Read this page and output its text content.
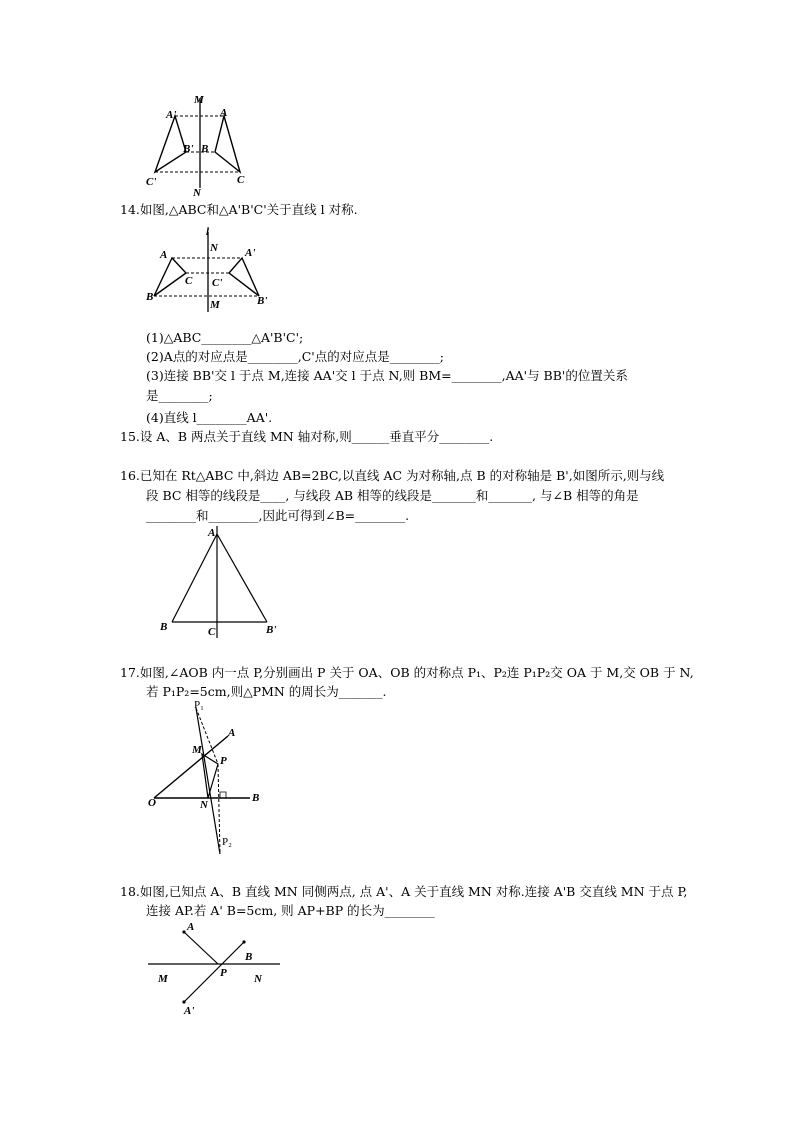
M
N
A'
B'
C'
A
B
C
14.如图,△ABC和△A'B'C'关于直线 l 对称.
l
N
M
A
B
C
A'
B'
C'
(1)△ABC________△A'B'C';
(2)A点的对应点是________,C'点的对应点是________;
(3)连接 BB'交 l 于点 M,连接 AA'交 l 于点 N,则 BM=________,AA'与 BB'的位置关系
是________;
(4)直线 l________AA'.
15.设 A、B 两点关于直线 MN 轴对称,则______垂直平分________.
16.已知在 Rt△ABC 中,斜边 AB=2BC,以直线 AC 为对称轴,点 B 的对称轴是 B',如图所示,则与线
段 BC 相等的线段是____, 与线段 AB 相等的线段是_______和_______, 与∠B 相等的角是
________和________,因此可得到∠B=________.
A
B	C	B'
17.如图,∠AOB 内一点 P,分别画出 P 关于 OA、OB 的对称点 P₁、P₂连 P₁P₂交 OA 于 M,交 OB 于 N,
若 P₁P₂=5cm,则△PMN 的周长为_______.
P₁
A
M
P
O	N
B
P₂
18.如图,已知点 A、B 直线 MN 同侧两点, 点 A'、A 关于直线 MN 对称.连接 A'B 交直线 MN 于点 P,
连接 AP.若 A' B=5cm, 则 AP+BP 的长为________
A
B
M	P N
A'
